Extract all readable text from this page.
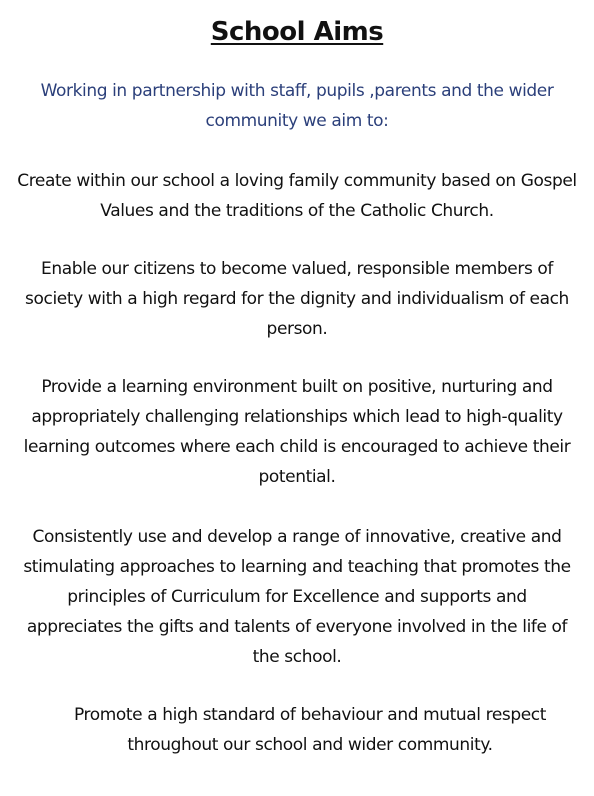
School Aims

Working in partnership with staff, pupils ,parents and the wider community we aim to:

Create within our school a loving family community based on Gospel Values and the traditions of the Catholic Church.

Enable our citizens to become valued, responsible members of society with a high regard for the dignity and individualism of each person.

Provide a learning environment built on positive, nurturing and appropriately challenging relationships which lead to high-quality learning outcomes where each child is encouraged to achieve their potential.

Consistently use and develop a range of innovative, creative and stimulating approaches to learning and teaching that promotes the principles of Curriculum for Excellence and supports and appreciates the gifts and talents of everyone involved in the life of the school.

Promote a high standard of behaviour and mutual respect throughout our school and wider community.
